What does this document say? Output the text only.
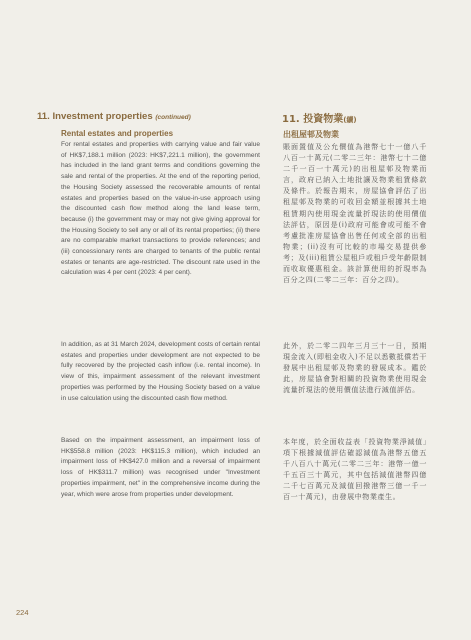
11. Investment properties (continued)	11. 投資物業(續)
Rental estates and properties	出租屋邨及物業

For rental estates and properties with carrying value and fair value of HK$7,188.1 million (2023: HK$7,221.1 million), the government has included in the land grant terms and conditions governing the sale and rental of the properties. At the end of the reporting period, the Housing Society assessed the recoverable amounts of rental estates and properties based on the value-in-use approach using the discounted cash flow method along the land lease term, because (i) the government may or may not give giving approval for the Housing Society to sell any or all of its rental properties; (ii) there are no comparable market transactions to provide references; and (iii) concessionary rents are charged to tenants of the public rental estates or tenants are age-restricted. The discount rate used in the calculation was 4 per cent (2023: 4 per cent).

In addition, as at 31 March 2024, development costs of certain rental estates and properties under development are not expected to be fully recovered by the projected cash inflow (i.e. rental income). In view of this, impairment assessment of the relevant investment properties was performed by the Housing Society based on a value in use calculation using the discounted cash flow method.

Based on the impairment assessment, an impairment loss of HK$558.8 million (2023: HK$115.3 million), which included an impairment loss of HK$427.0 million and a reversal of impairment loss of HK$311.7 million) was recognised under "Investment properties impairment, net" in the comprehensive income during the year, which were arose from properties under development.

賬面置值及公允價值為港幣七十一億八千八百一十萬元(二零二三年：港幣七十二億二千一百一十萬元)的出租屋邨及物業而言，政府已納入土地批讓及物業租賃條款及條件。於報告期末，房屋協會評估了出租屋邨及物業的可收回金額並根據其土地租賃期內使用現金流量折現法的使用價值法評估，原因是(i)政府可能會或可能不會考慮批准房屋協會出售任何或全部的出租物業；(ii)沒有可比較的市場交易提供參考；及(iii)租賃公屋租戶或租戶受年齡限制而收取優惠租金。該計算使用的折現率為百分之四(二零二三年：百分之四)。

此外，於二零二四年三月三十一日，預期現金流入(即租金收入)不足以悉數抵償若干發展中出租屋邨及物業的發展成本。鑑於此，房屋協會對相關的投資物業使用現金流量折現法的使用價值法進行減值評估。

本年度，於全面收益表「投資物業淨減值」項下根據減值評估確認減值為港幣五億五千八百八十萬元(二零二三年：港幣一億一千五百三十萬元，其中包括減值港幣四億二千七百萬元及減值回撥港幣三億一千一百一十萬元)，由發展中物業產生。

224
